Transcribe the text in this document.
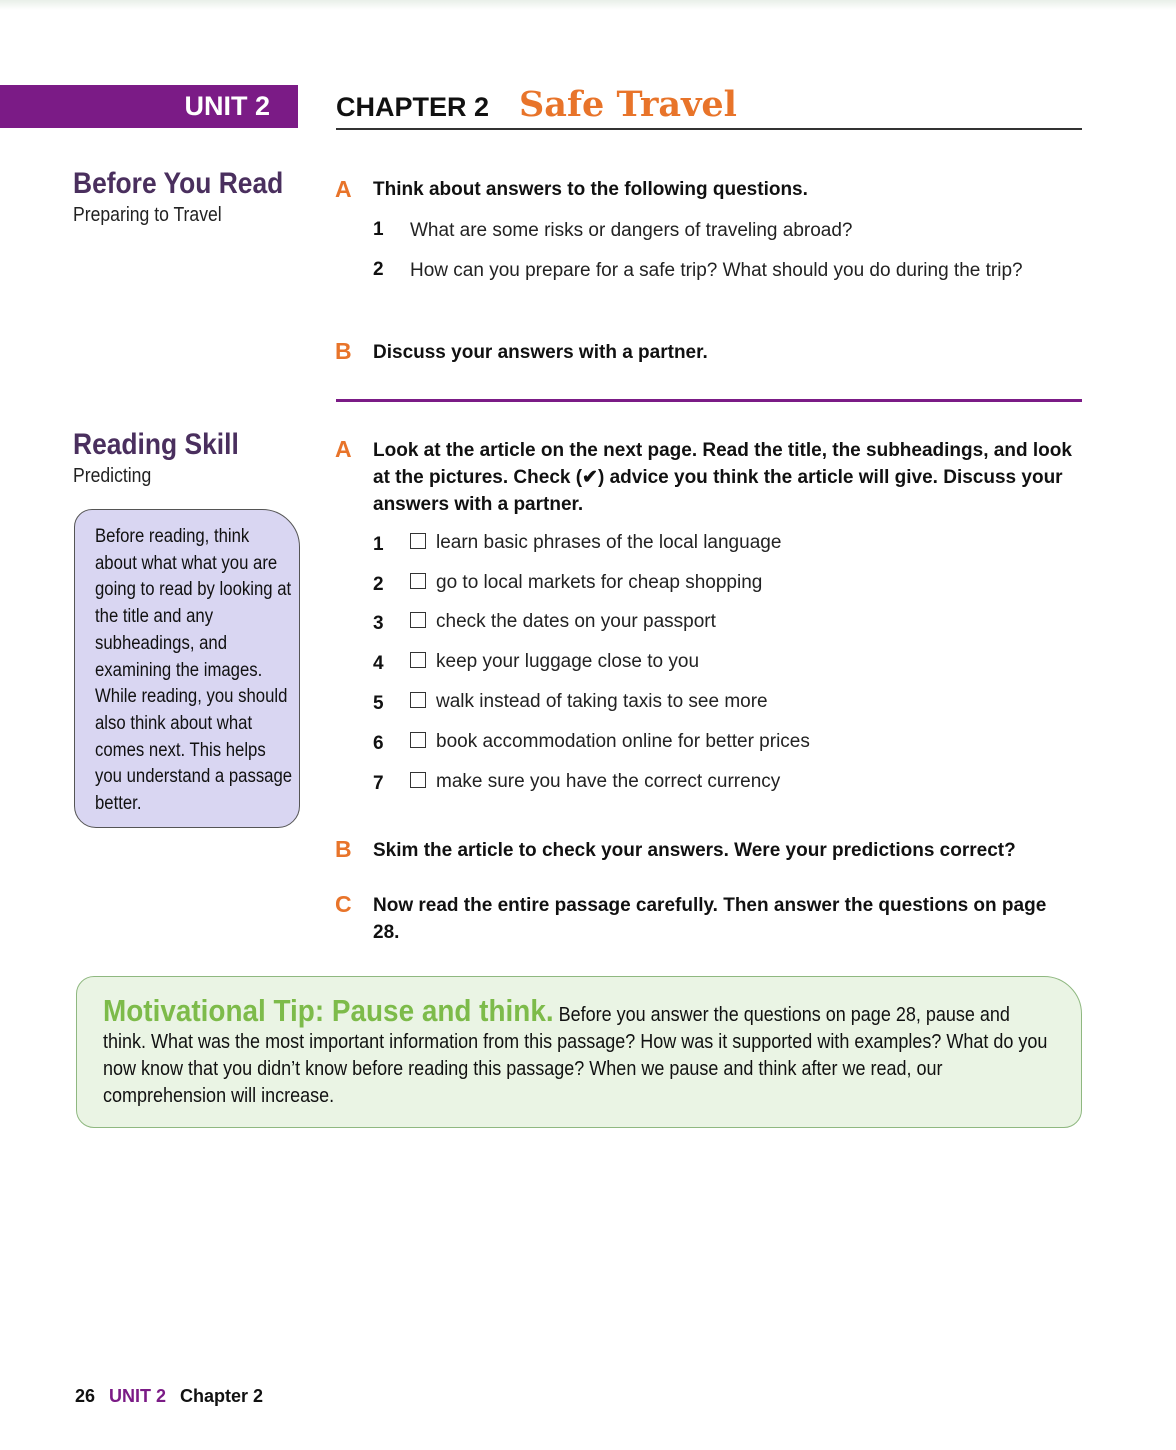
UNIT 2	CHAPTER 2 Safe Travel
Before You Read
Preparing to Travel
A Think about answers to the following questions.
1 What are some risks or dangers of traveling abroad?
2 How can you prepare for a safe trip? What should you do during the trip?
B Discuss your answers with a partner.
Reading Skill
Predicting
Before reading, think about what what you are going to read by looking at the title and any subheadings, and examining the images. While reading, you should also think about what comes next. This helps you understand a passage better.
A Look at the article on the next page. Read the title, the subheadings, and look at the pictures. Check (✔) advice you think the article will give. Discuss your answers with a partner.
1	learn basic phrases of the local language
2	go to local markets for cheap shopping
3	check the dates on your passport
4	keep your luggage close to you
5	walk instead of taking taxis to see more
6	book accommodation online for better prices
7	make sure you have the correct currency
B Skim the article to check your answers. Were your predictions correct?
C Now read the entire passage carefully. Then answer the questions on page 28.
Motivational Tip: Pause and think. Before you answer the questions on page 28, pause and think. What was the most important information from this passage? How was it supported with examples? What do you now know that you didn’t know before reading this passage? When we pause and think after we read, our comprehension will increase.
26 UNIT 2 Chapter 2
